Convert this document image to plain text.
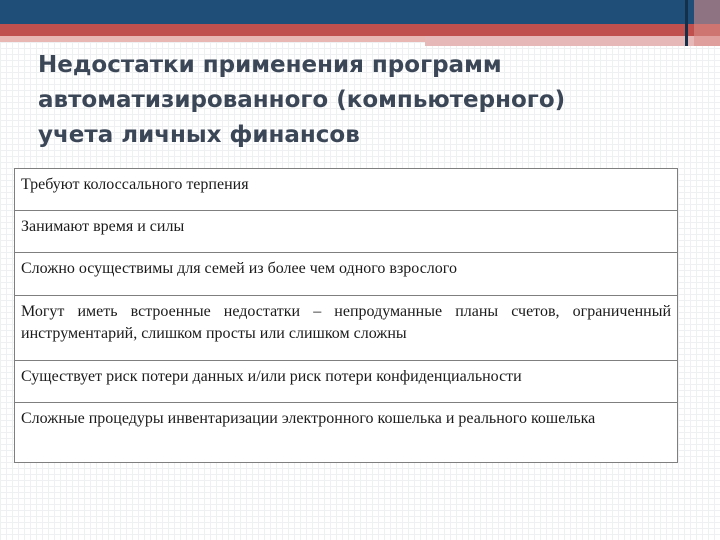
Недостатки применения программ
автоматизированного (компьютерного)
учета личных финансов
Требуют колоссального терпения
Занимают время и силы
Сложно осуществимы для семей из более чем одного взрослого
Могут иметь встроенные недостатки – непродуманные планы счетов, ограниченный инструментарий, слишком просты или слишком сложны
Существует риск потери данных и/или риск потери конфиденциальности
Сложные процедуры инвентаризации электронного кошелька и реального кошелька
